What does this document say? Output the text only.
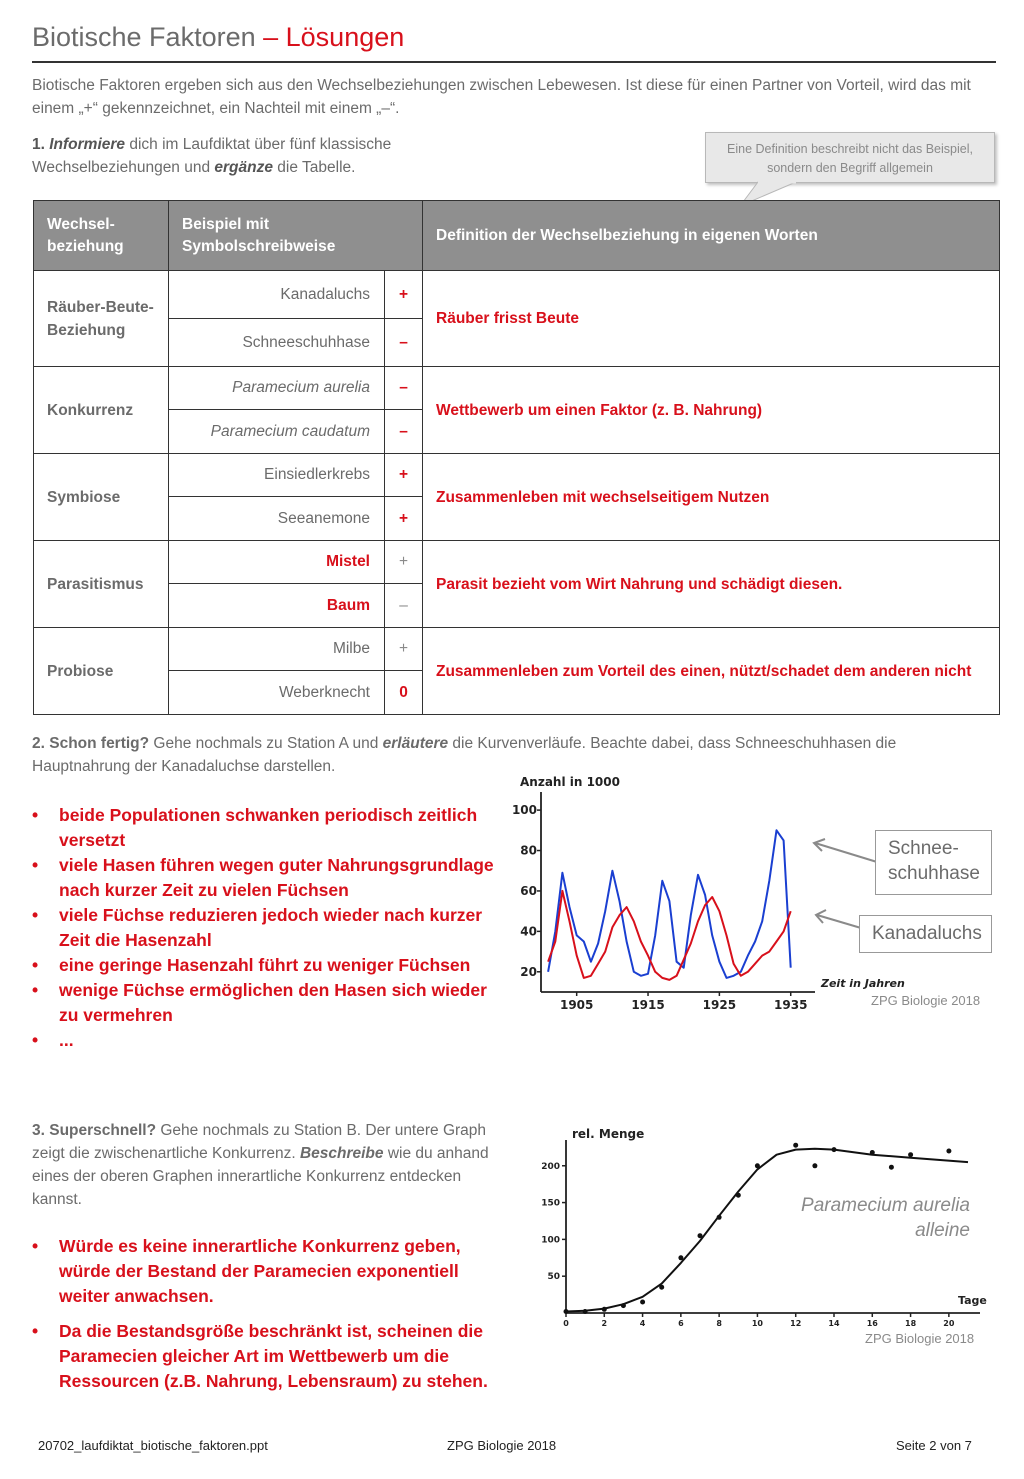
Biotische Faktoren – Lösungen
Biotische Faktoren ergeben sich aus den Wechselbeziehungen zwischen Lebewesen. Ist diese für einen Partner von Vorteil, wird das mit einem „+“ gekennzeichnet, ein Nachteil mit einem „–“.
1. Informiere dich im Laufdiktat über fünf klassische Wechselbeziehungen und ergänze die Tabelle.
Eine Definition beschreibt nicht das Beispiel, sondern den Begriff allgemein
Wechsel-beziehung	Beispiel mit Symbolschreibweise		Definition der Wechselbeziehung in eigenen Worten
Räuber-Beute-Beziehung	Kanadaluchs	+	Räuber frisst Beute
	Schneeschuhhase	–	
Konkurrenz	Paramecium aurelia	–	Wettbewerb um einen Faktor (z. B. Nahrung)
	Paramecium caudatum	–	
Symbiose	Einsiedlerkrebs	+	Zusammenleben mit wechselseitigem Nutzen
	Seeanemone	+	
Parasitismus	Mistel	+	Parasit bezieht vom Wirt Nahrung und schädigt diesen.
	Baum	–	
Probiose	Milbe	+	Zusammenleben zum Vorteil des einen, nützt/schadet dem anderen nicht
	Weberknecht	0	
2. Schon fertig? Gehe nochmals zu Station A und erläutere die Kurvenverläufe. Beachte dabei, dass Schneeschuhhasen die Hauptnahrung der Kanadaluchse darstellen.
• beide Populationen schwanken periodisch zeitlich versetzt
• viele Hasen führen wegen guter Nahrungsgrundlage nach kurzer Zeit zu vielen Füchsen
• viele Füchse reduzieren jedoch wieder nach kurzer Zeit die Hasenzahl
• eine geringe Hasenzahl führt zu weniger Füchsen
• wenige Füchse ermöglichen den Hasen sich wieder zu vermehren
• ...
Anzahl in 1000
20
40
60
80
100
1905	1915	1925	1935
Zeit in Jahren
Schnee-schuhhase
Kanadaluchs
ZPG Biologie 2018
3. Superschnell? Gehe nochmals zu Station B. Der untere Graph zeigt die zwischenartliche Konkurrenz. Beschreibe wie du anhand eines der oberen Graphen innerartliche Konkurrenz entdecken kannst.
• Würde es keine innerartliche Konkurrenz geben, würde der Bestand der Paramecien exponentiell weiter anwachsen.
• Da die Bestandsgröße beschränkt ist, scheinen die Paramecien gleicher Art im Wettbewerb um die Ressourcen (z.B. Nahrung, Lebensraum) zu stehen.
rel. Menge
50
100
150
200
0	2	4	6	8	10	12	14	16	18	20
Tage
Paramecium aurelia alleine
ZPG Biologie 2018
20702_laufdiktat_biotische_faktoren.ppt	ZPG Biologie 2018	Seite 2 von 7
